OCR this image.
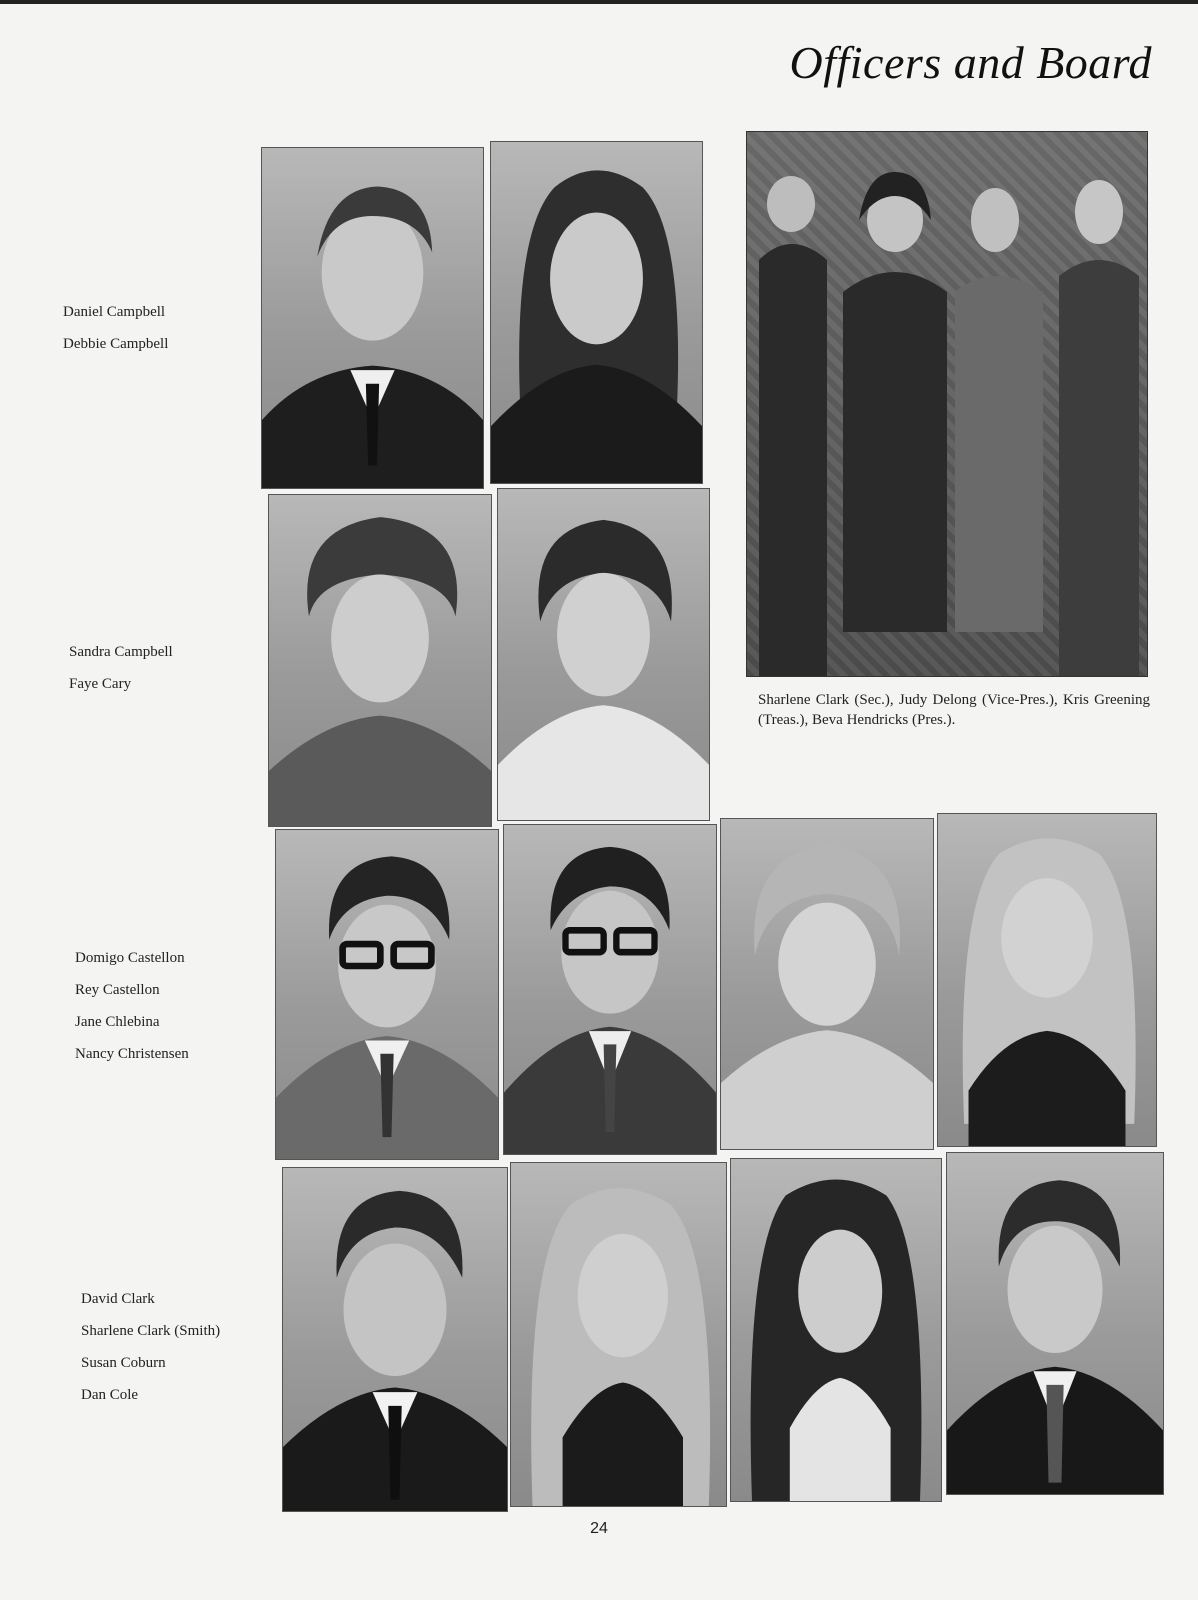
Officers and Board
Daniel Campbell
Debbie Campbell
Sandra Campbell
Faye Cary
Domigo Castellon
Rey Castellon
Jane Chlebina
Nancy Christensen
David Clark
Sharlene Clark (Smith)
Susan Coburn
Dan Cole
Sharlene Clark (Sec.), Judy Delong (Vice-Pres.), Kris Greening (Treas.), Beva Hendricks (Pres.).
24
